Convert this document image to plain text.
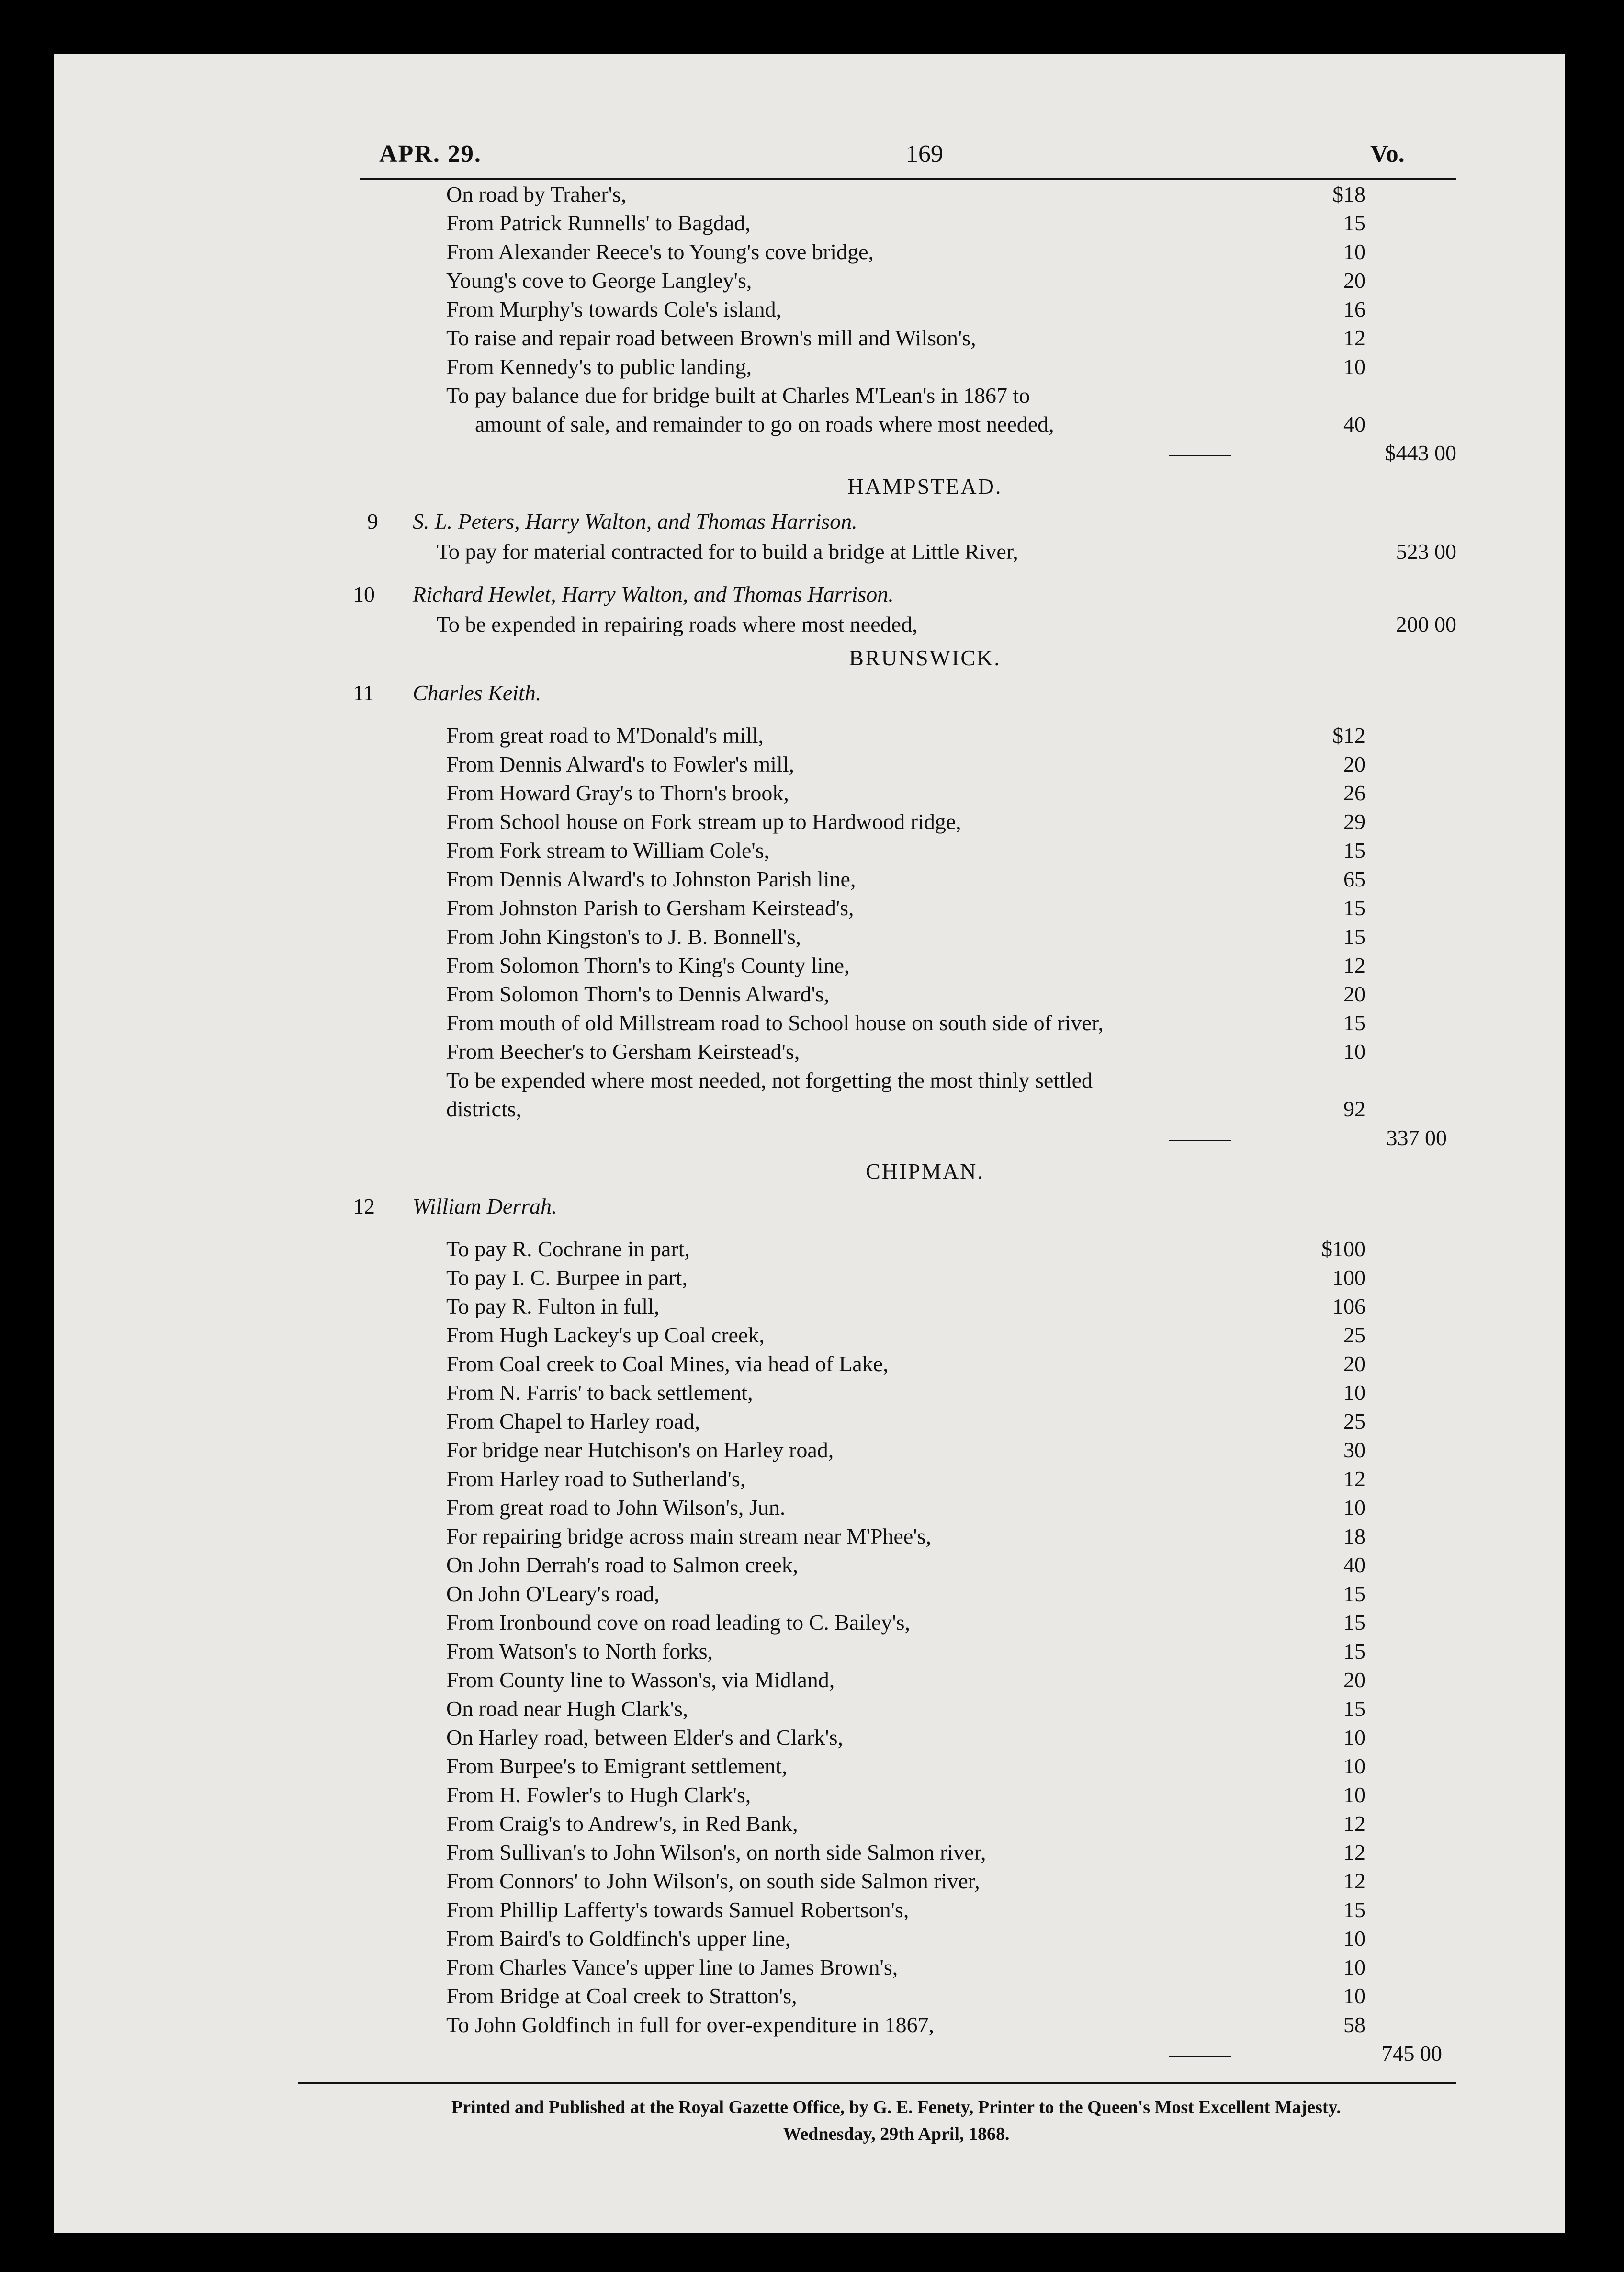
APR. 29.	169	Vo.
On road by Traher's,	$18
From Patrick Runnells' to Bagdad,	15
From Alexander Reece's to Young's cove bridge,	10
Young's cove to George Langley's,	20
From Murphy's towards Cole's island,	16
To raise and repair road between Brown's mill and Wilson's,	12
From Kennedy's to public landing,	10
To pay balance due for bridge built at Charles M'Lean's in 1867 to
amount of sale, and remainder to go on roads where most needed,	40
$443 00
HAMPSTEAD.
9 S. L. Peters, Harry Walton, and Thomas Harrison.
To pay for material contracted for to build a bridge at Little River,	523 00
10 Richard Hewlet, Harry Walton, and Thomas Harrison.
To be expended in repairing roads where most needed,	200 00
BRUNSWICK.
11 Charles Keith.
From great road to M'Donald's mill,	$12
From Dennis Alward's to Fowler's mill,	20
From Howard Gray's to Thorn's brook,	26
From School house on Fork stream up to Hardwood ridge,	29
From Fork stream to William Cole's,	15
From Dennis Alward's to Johnston Parish line,	65
From Johnston Parish to Gersham Keirstead's,	15
From John Kingston's to J. B. Bonnell's,	15
From Solomon Thorn's to King's County line,	12
From Solomon Thorn's to Dennis Alward's,	20
From mouth of old Millstream road to School house on south side of river,	15
From Beecher's to Gersham Keirstead's,	10
To be expended where most needed, not forgetting the most thinly settled
districts,	92
337 00
CHIPMAN.
12 William Derrah.
To pay R. Cochrane in part,	$100
To pay I. C. Burpee in part,	100
To pay R. Fulton in full,	106
From Hugh Lackey's up Coal creek,	25
From Coal creek to Coal Mines, via head of Lake,	20
From N. Farris' to back settlement,	10
From Chapel to Harley road,	25
For bridge near Hutchison's on Harley road,	30
From Harley road to Sutherland's,	12
From great road to John Wilson's, Jun.	10
For repairing bridge across main stream near M'Phee's,	18
On John Derrah's road to Salmon creek,	40
On John O'Leary's road,	15
From Ironbound cove on road leading to C. Bailey's,	15
From Watson's to North forks,	15
From County line to Wasson's, via Midland,	20
On road near Hugh Clark's,	15
On Harley road, between Elder's and Clark's,	10
From Burpee's to Emigrant settlement,	10
From H. Fowler's to Hugh Clark's,	10
From Craig's to Andrew's, in Red Bank,	12
From Sullivan's to John Wilson's, on north side Salmon river,	12
From Connors' to John Wilson's, on south side Salmon river,	12
From Phillip Lafferty's towards Samuel Robertson's,	15
From Baird's to Goldfinch's upper line,	10
From Charles Vance's upper line to James Brown's,	10
From Bridge at Coal creek to Stratton's,	10
To John Goldfinch in full for over-expenditure in 1867,	58
745 00
Printed and Published at the Royal Gazette Office, by G. E. Fenety, Printer to the Queen's Most Excellent Majesty.
Wednesday, 29th April, 1868.
